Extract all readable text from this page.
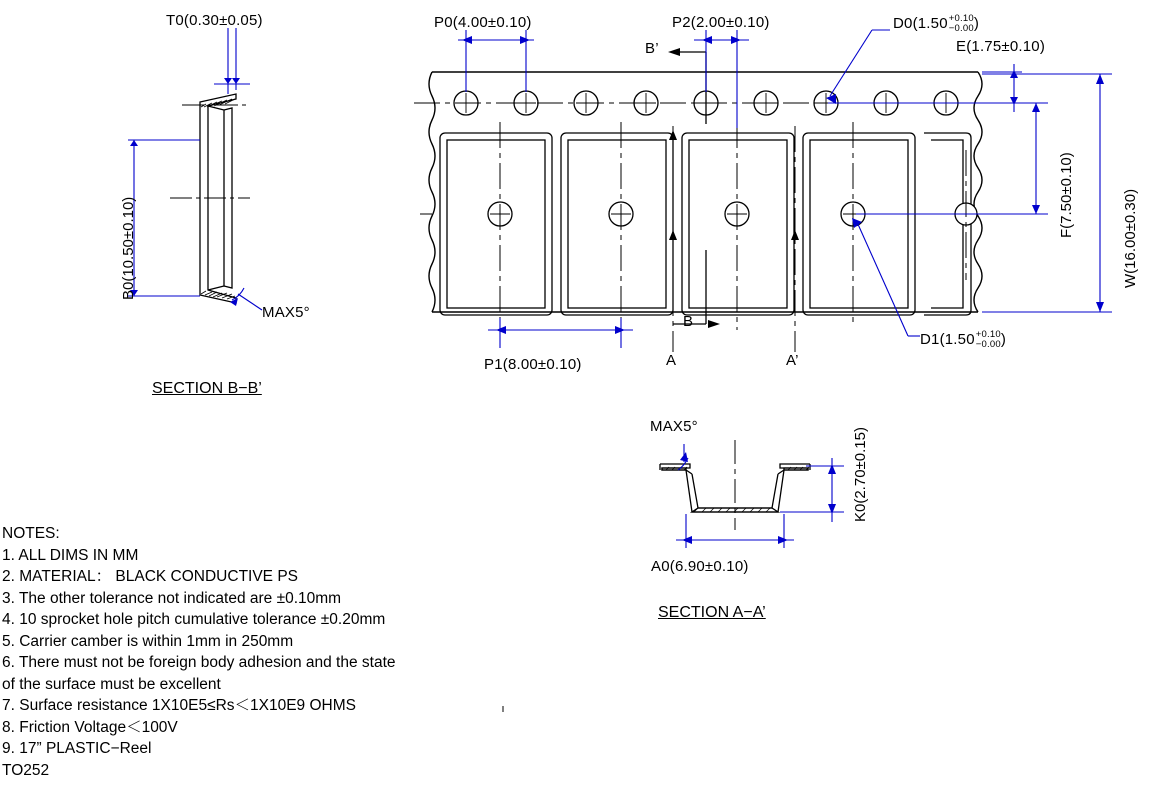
T0(0.30±0.05)
B0(10.50±0.10)
MAX5°
SECTION B−B’
P0(4.00±0.10)	P2(2.00±0.10)	D0(1.50 +0.10
−0.00 )
E(1.75±0.10)
B’
B
A	A’
P1(8.00±0.10)
D1(1.50 +0.10
−0.00 )
F(7.50±0.10)	W(16.00±0.30)
MAX5°
K0(2.70±0.15)
A0(6.90±0.10)
SECTION A−A’
NOTES:
1. ALL DIMS IN MM
2. MATERIAL： BLACK CONDUCTIVE PS
3. The other tolerance not indicated are ±0.10mm
4. 10 sprocket hole pitch cumulative tolerance ±0.20mm
5. Carrier camber is within 1mm in 250mm
6. There must not be foreign body adhesion and the state
of the surface must be excellent
7. Surface resistance 1X10E5≤Rs＜1X10E9 OHMS
8. Friction Voltage＜100V
9. 17” PLASTIC−Reel
TO252
